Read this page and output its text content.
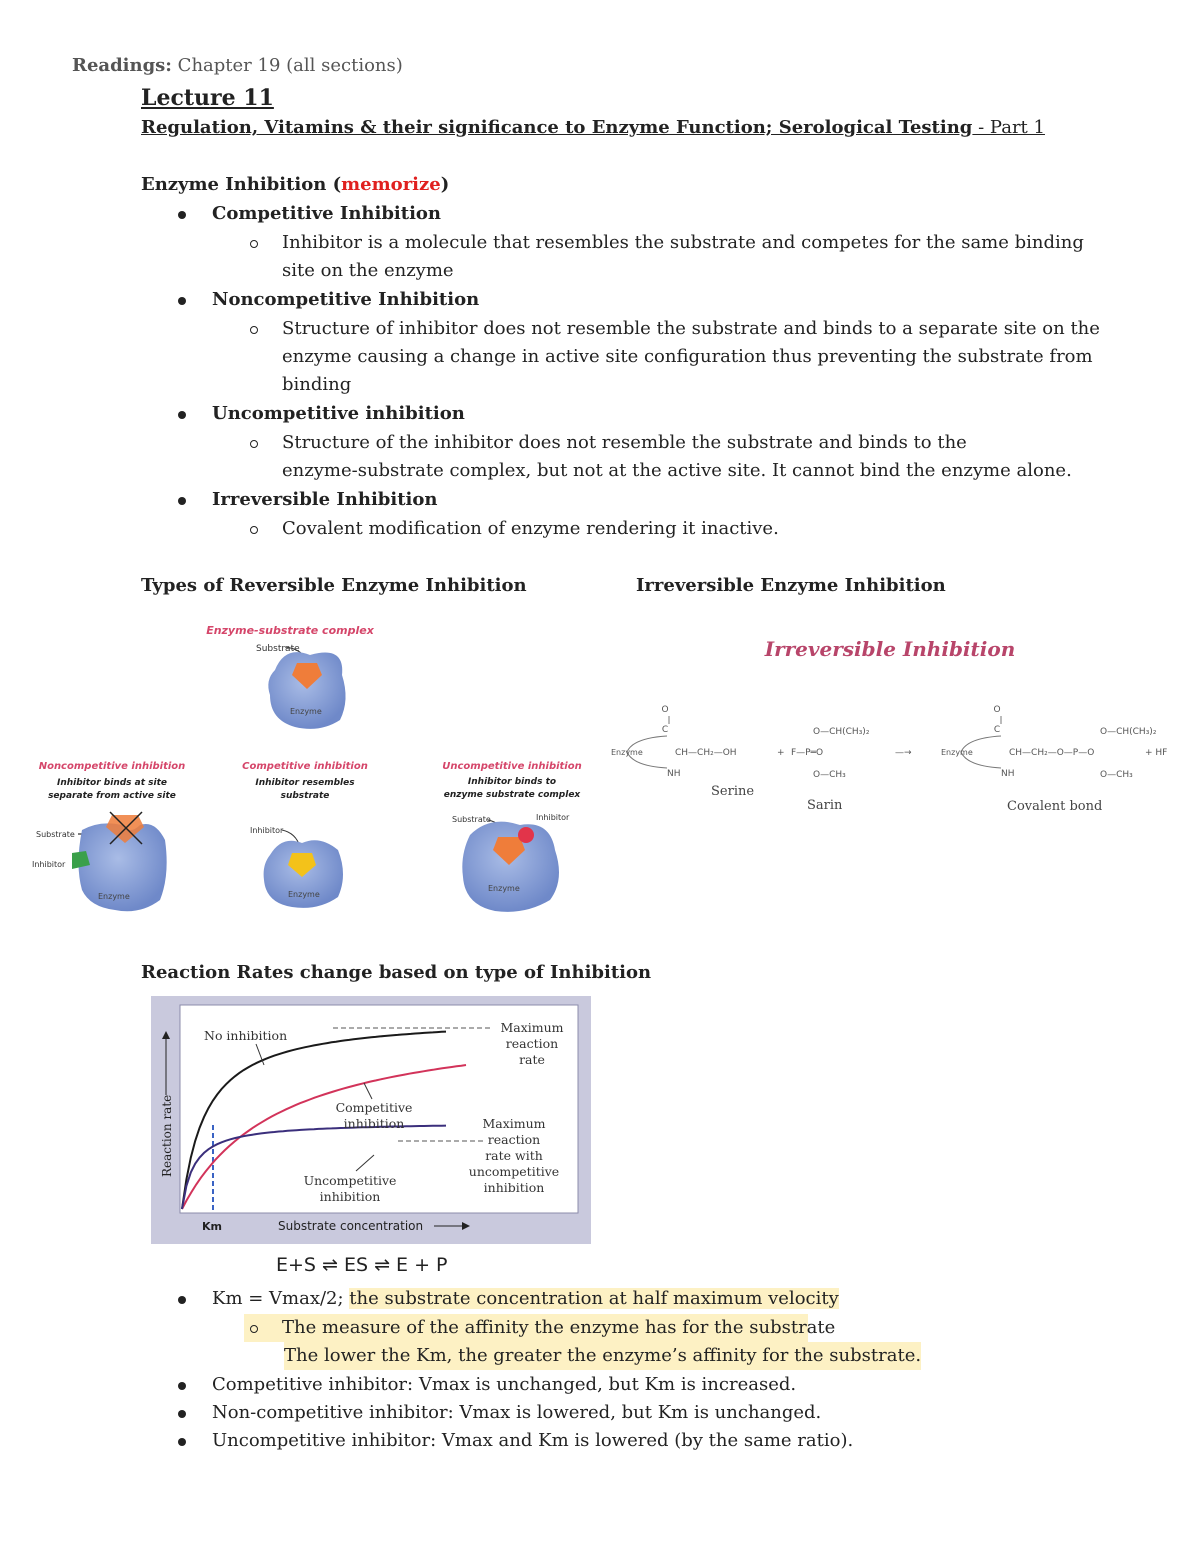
Readings: Chapter 19 (all sections)
Lecture 11
Regulation, Vitamins & their significance to Enzyme Function; Serological Testing - Part 1
Enzyme Inhibition (memorize)
Competitive Inhibition
Inhibitor is a molecule that resembles the substrate and competes for the same binding
site on the enzyme
Noncompetitive Inhibition
Structure of inhibitor does not resemble the substrate and binds to a separate site on the
enzyme causing a change in active site configuration thus preventing the substrate from
binding
Uncompetitive inhibition
Structure of the inhibitor does not resemble the substrate and binds to the
enzyme-substrate complex, but not at the active site. It cannot bind the enzyme alone.
Irreversible Inhibition
Covalent modification of enzyme rendering it inactive.
Types of Reversible Enzyme Inhibition	Irreversible Enzyme Inhibition
Enzyme-substrate complex
Substrate
Enzyme
Noncompetitive inhibition
Inhibitor binds at site
separate from active site
Substrate
Inhibitor
Enzyme
Competitive inhibition
Inhibitor resembles
substrate
Inhibitor
Enzyme
Uncompetitive inhibition
Inhibitor binds to
enzyme substrate complex
Substrate	Inhibitor
Enzyme
Irreversible Inhibition
O
C
Enzyme	CH—CH₂—OH
NH
+ F—P═O
O—CH(CH₃)₂
O—CH₃
—→
O
C
Enzyme	CH—CH₂—O—P—O
NH
O—CH(CH₃)₂
O—CH₃
+ HF
Serine
Sarin	Covalent bond
Reaction Rates change based on type of Inhibition
Reaction rate
Km	Substrate concentration
No inhibition
Maximum
reaction
rate
Competitive
inhibition	Maximum
reaction
rate with
uncompetitive
inhibition
Uncompetitive
inhibition
E+S ⇌ ES ⇌ E + P
Km = Vmax/2; the substrate concentration at half maximum velocity
The measure of the affinity the enzyme has for the substrate
The lower the Km, the greater the enzyme’s affinity for the substrate.
Competitive inhibitor: Vmax is unchanged, but Km is increased.
Non-competitive inhibitor: Vmax is lowered, but Km is unchanged.
Uncompetitive inhibitor: Vmax and Km is lowered (by the same ratio).
